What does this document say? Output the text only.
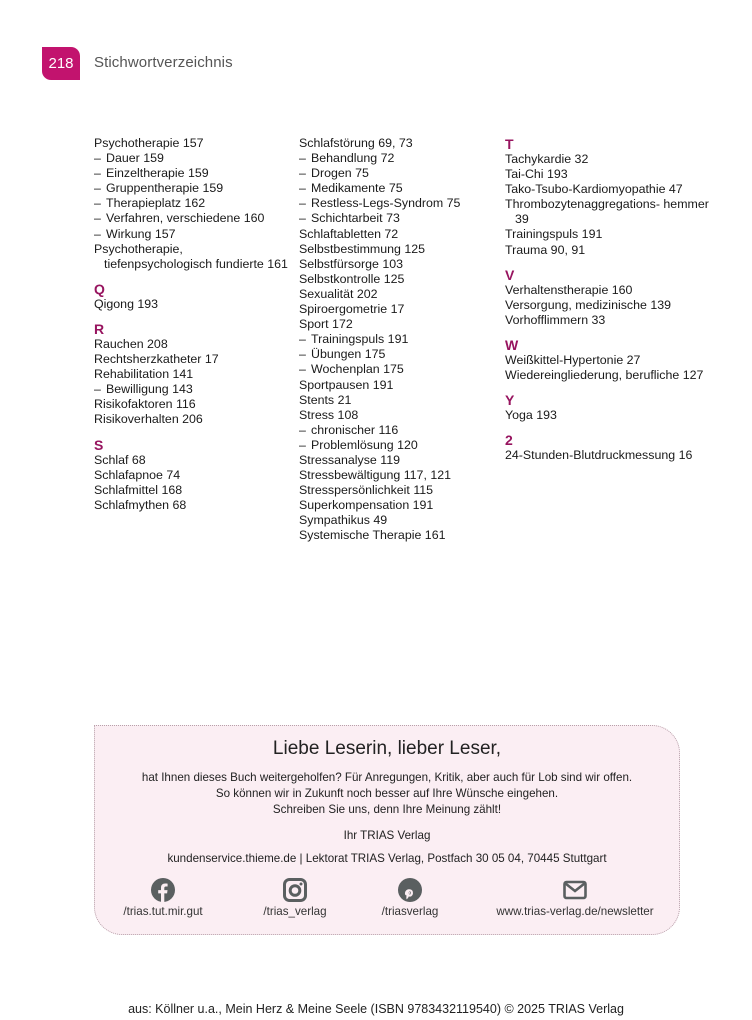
218 Stichwortverzeichnis
Psychotherapie 157
– Dauer 159
– Einzeltherapie 159
– Gruppentherapie 159
– Therapieplatz 162
– Verfahren, verschiedene 160
– Wirkung 157
Psychotherapie, tiefenpsychologisch fundierte 161
Q
Qigong 193
R
Rauchen 208
Rechtsherzkatheter 17
Rehabilitation 141
– Bewilligung 143
Risikofaktoren 116
Risikoverhalten 206
S
Schlaf 68
Schlafapnoe 74
Schlafmittel 168
Schlafmythen 68
Schlafstörung 69, 73
– Behandlung 72
– Drogen 75
– Medikamente 75
– Restless-Legs-Syndrom 75
– Schichtarbeit 73
Schlaftabletten 72
Selbstbestimmung 125
Selbstfürsorge 103
Selbstkontrolle 125
Sexualität 202
Spiroergometrie 17
Sport 172
– Trainingspuls 191
– Übungen 175
– Wochenplan 175
Sportpausen 191
Stents 21
Stress 108
– chronischer 116
– Problemlösung 120
Stressanalyse 119
Stressbewältigung 117, 121
Stresspersönlichkeit 115
Superkompensation 191
Sympathikus 49
Systemische Therapie 161
T
Tachykardie 32
Tai-Chi 193
Tako-Tsubo-Kardiomyopathie 47
Thrombozytenaggregations- hemmer 39
Trainingspuls 191
Trauma 90, 91
V
Verhaltenstherapie 160
Versorgung, medizinische 139
Vorhofflimmern 33
W
Weißkittel-Hypertonie 27
Wiedereingliederung, berufliche 127
Y
Yoga 193
2
24-Stunden-Blutdruckmessung 16
Liebe Leserin, lieber Leser,
hat Ihnen dieses Buch weitergeholfen? Für Anregungen, Kritik, aber auch für Lob sind wir offen.
So können wir in Zukunft noch besser auf Ihre Wünsche eingehen.
Schreiben Sie uns, denn Ihre Meinung zählt!
Ihr TRIAS Verlag
kundenservice.thieme.de | Lektorat TRIAS Verlag, Postfach 30 05 04, 70445 Stuttgart
/trias.tut.mir.gut	/trias_verlag	/triasverlag	www.trias-verlag.de/newsletter
aus: Köllner u.a., Mein Herz & Meine Seele (ISBN 9783432119540) © 2025 TRIAS Verlag
